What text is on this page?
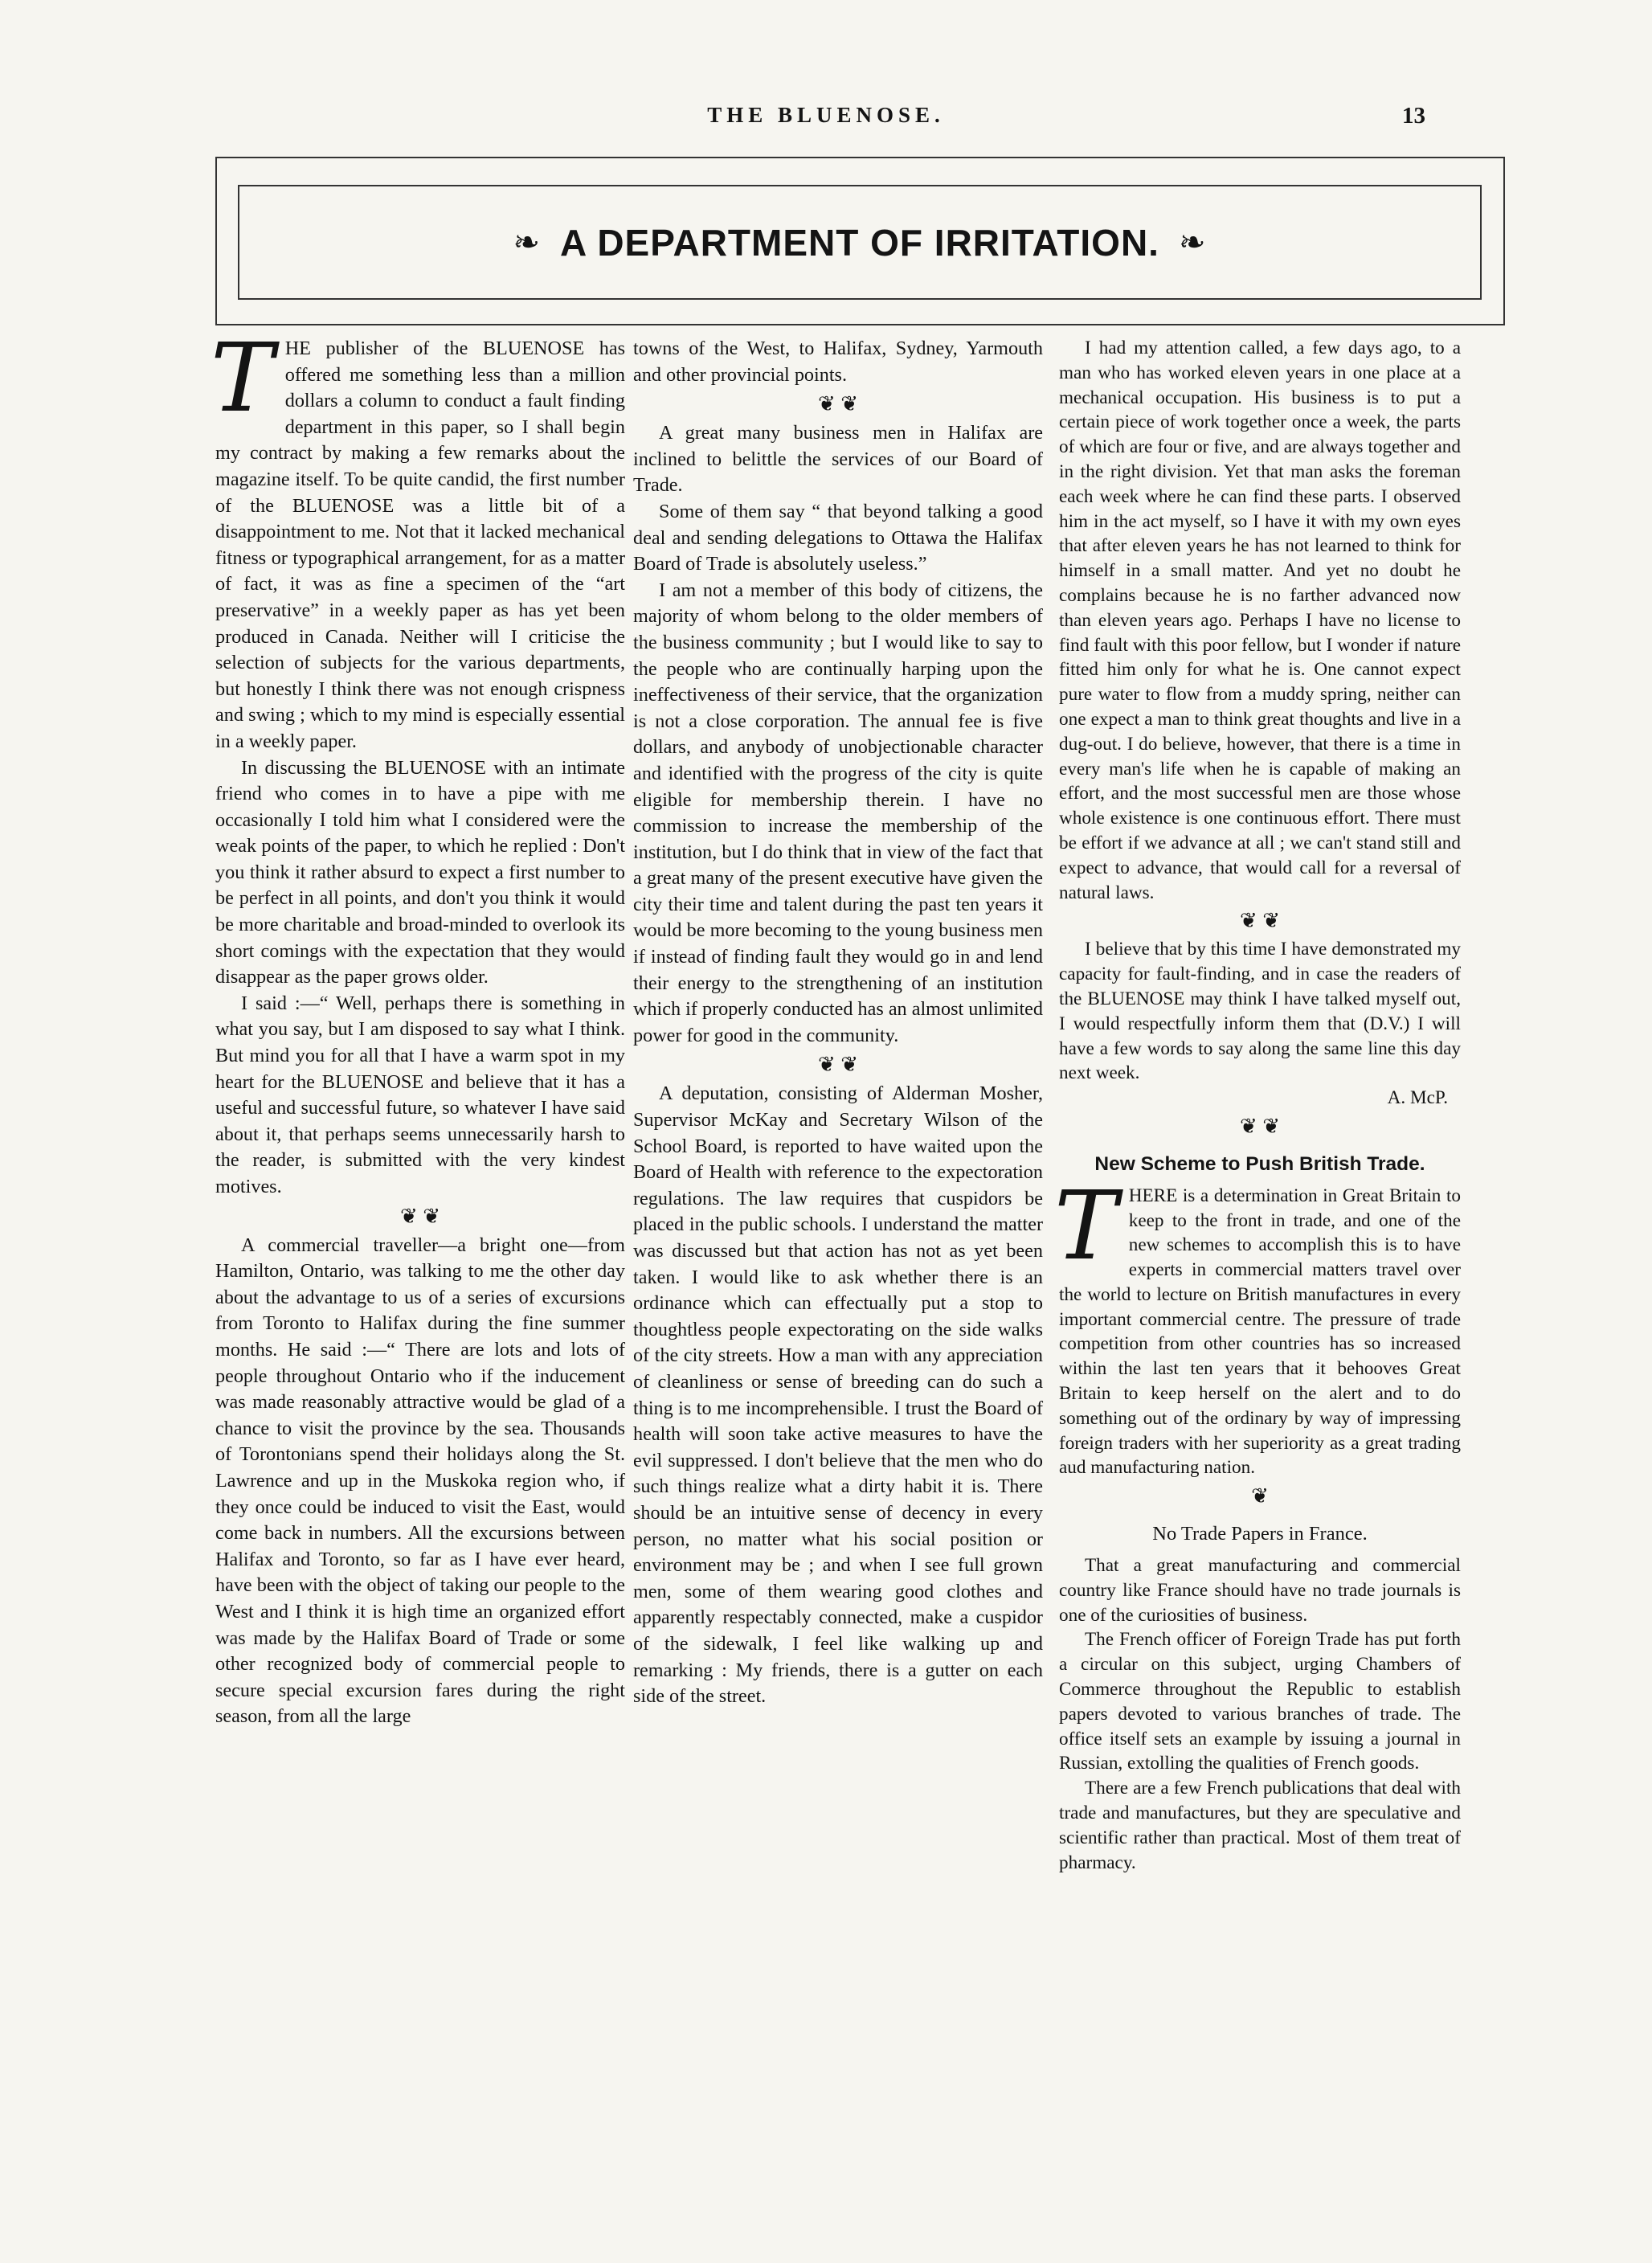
THE BLUENOSE.	13
❧ A DEPARTMENT OF IRRITATION. ❧

THE publisher of the BLUENOSE has offered me something less than a million dollars a column to conduct a fault finding department in this paper, so I shall begin my contract by making a few remarks about the magazine itself. To be quite candid, the first number of the BLUENOSE was a little bit of a disappointment to me. Not that it lacked mechanical fitness or typographical arrangement, for as a matter of fact, it was as fine a specimen of the “art preservative” in a weekly paper as has yet been produced in Canada. Neither will I criticise the selection of subjects for the various departments, but honestly I think there was not enough crispness and swing ; which to my mind is especially essential in a weekly paper.

In discussing the BLUENOSE with an intimate friend who comes in to have a pipe with me occasionally I told him what I considered were the weak points of the paper, to which he replied : Don't you think it rather absurd to expect a first number to be perfect in all points, and don't you think it would be more charitable and broad-minded to overlook its short comings with the expectation that they would disappear as the paper grows older.

I said :—“ Well, perhaps there is something in what you say, but I am disposed to say what I think. But mind you for all that I have a warm spot in my heart for the BLUENOSE and believe that it has a useful and successful future, so whatever I have said about it, that perhaps seems unnecessarily harsh to the reader, is submitted with the very kindest motives.

❦ ❦

A commercial traveller—a bright one—from Hamilton, Ontario, was talking to me the other day about the advantage to us of a series of excursions from Toronto to Halifax during the fine summer months. He said :—“ There are lots and lots of people throughout Ontario who if the inducement was made reasonably attractive would be glad of a chance to visit the province by the sea. Thousands of Torontonians spend their holidays along the St. Lawrence and up in the Muskoka region who, if they once could be induced to visit the East, would come back in numbers. All the excursions between Halifax and Toronto, so far as I have ever heard, have been with the object of taking our people to the West and I think it is high time an organized effort was made by the Halifax Board of Trade or some other recognized body of commercial people to secure special excursion fares during the right season, from all the large

towns of the West, to Halifax, Sydney, Yarmouth and other provincial points.

❦ ❦

A great many business men in Halifax are inclined to belittle the services of our Board of Trade.

Some of them say “ that beyond talking a good deal and sending delegations to Ottawa the Halifax Board of Trade is absolutely useless.”

I am not a member of this body of citizens, the majority of whom belong to the older members of the business community ; but I would like to say to the people who are continually harping upon the ineffectiveness of their service, that the organization is not a close corporation. The annual fee is five dollars, and anybody of unobjectionable character and identified with the progress of the city is quite eligible for membership therein. I have no commission to increase the membership of the institution, but I do think that in view of the fact that a great many of the present executive have given the city their time and talent during the past ten years it would be more becoming to the young business men if instead of finding fault they would go in and lend their energy to the strengthening of an institution which if properly conducted has an almost unlimited power for good in the community.

❦ ❦

A deputation, consisting of Alderman Mosher, Supervisor McKay and Secretary Wilson of the School Board, is reported to have waited upon the Board of Health with reference to the expectoration regulations. The law requires that cuspidors be placed in the public schools. I understand the matter was discussed but that action has not as yet been taken. I would like to ask whether there is an ordinance which can effectually put a stop to thoughtless people expectorating on the side walks of the city streets. How a man with any appreciation of cleanliness or sense of breeding can do such a thing is to me incomprehensible. I trust the Board of health will soon take active measures to have the evil suppressed. I don't believe that the men who do such things realize what a dirty habit it is. There should be an intuitive sense of decency in every person, no matter what his social position or environment may be ; and when I see full grown men, some of them wearing good clothes and apparently respectably connected, make a cuspidor of the sidewalk, I feel like walking up and remarking : My friends, there is a gutter on each side of the street.

I had my attention called, a few days ago, to a man who has worked eleven years in one place at a mechanical occupation. His business is to put a certain piece of work together once a week, the parts of which are four or five, and are always together and in the right division. Yet that man asks the foreman each week where he can find these parts. I observed him in the act myself, so I have it with my own eyes that after eleven years he has not learned to think for himself in a small matter. And yet no doubt he complains because he is no farther advanced now than eleven years ago. Perhaps I have no license to find fault with this poor fellow, but I wonder if nature fitted him only for what he is. One cannot expect pure water to flow from a muddy spring, neither can one expect a man to think great thoughts and live in a dug-out. I do believe, however, that there is a time in every man's life when he is capable of making an effort, and the most successful men are those whose whole existence is one continuous effort. There must be effort if we advance at all ; we can't stand still and expect to advance, that would call for a reversal of natural laws.

❦ ❦

I believe that by this time I have demonstrated my capacity for fault-finding, and in case the readers of the BLUENOSE may think I have talked myself out, I would respectfully inform them that (D.V.) I will have a few words to say along the same line this day next week.

A. McP.

❦ ❦
New Scheme to Push British Trade.

THERE is a determination in Great Britain to keep to the front in trade, and one of the new schemes to accomplish this is to have experts in commercial matters travel over the world to lecture on British manufactures in every important commercial centre. The pressure of trade competition from other countries has so increased within the last ten years that it behooves Great Britain to keep herself on the alert and to do something out of the ordinary by way of impressing foreign traders with her superiority as a great trading aud manufacturing nation.

❦
No Trade Papers in France.

That a great manufacturing and commercial country like France should have no trade journals is one of the curiosities of business.

The French officer of Foreign Trade has put forth a circular on this subject, urging Chambers of Commerce throughout the Republic to establish papers devoted to various branches of trade. The office itself sets an example by issuing a journal in Russian, extolling the qualities of French goods.

There are a few French publications that deal with trade and manufactures, but they are speculative and scientific rather than practical. Most of them treat of pharmacy.
